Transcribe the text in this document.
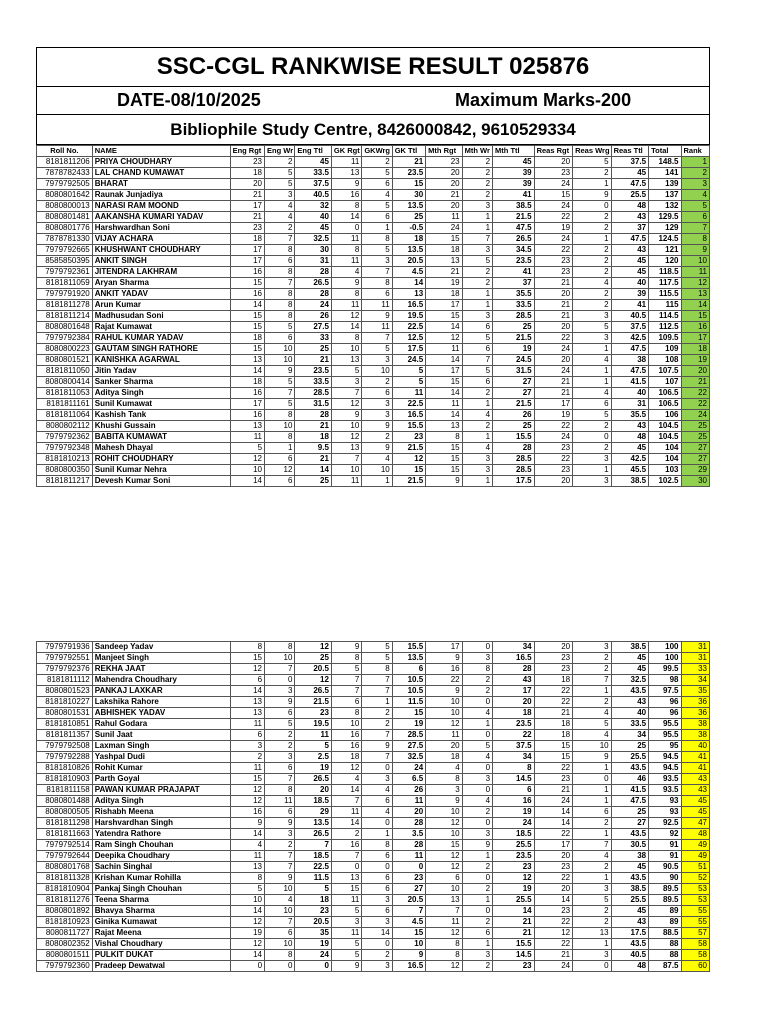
SSC-CGL RANKWISE RESULT 025876
DATE-08/10/2025	Maximum Marks-200
Bibliophile Study Centre, 8426000842, 9610529334
Roll No.	NAME	Eng Rgt	Eng Wr	Eng Ttl	GK Rgt	GKWrg	GK Ttl	Mth Rgt	Mth Wr	Mth Ttl	Reas Rgt	Reas Wrg	Reas Ttl	Total	Rank
8181811206	PRIYA CHOUDHARY	23	2	45	11	2	21	23	2	45	20	5	37.5	148.5	1
7878782433	LAL CHAND KUMAWAT	18	5	33.5	13	5	23.5	20	2	39	23	2	45	141	2
7979792505	BHARAT	20	5	37.5	9	6	15	20	2	39	24	1	47.5	139	3
8080801642	Raunak Junjadiya	21	3	40.5	16	4	30	21	2	41	15	9	25.5	137	4
8080800013	NARASI RAM MOOND	17	4	32	8	5	13.5	20	3	38.5	24	0	48	132	5
8080801481	AAKANSHA KUMARI YADAV	21	4	40	14	6	25	11	1	21.5	22	2	43	129.5	6
8080801776	Harshwardhan Soni	23	2	45	0	1	-0.5	24	1	47.5	19	2	37	129	7
7878781330	VIJAY ACHARA	18	7	32.5	11	8	18	15	7	26.5	24	1	47.5	124.5	8
7979792665	KHUSHWANT CHOUDHARY	17	8	30	8	5	13.5	18	3	34.5	22	2	43	121	9
8585850395	ANKIT SINGH	17	6	31	11	3	20.5	13	5	23.5	23	2	45	120	10
7979792361	JITENDRA LAKHRAM	16	8	28	4	7	4.5	21	2	41	23	2	45	118.5	11
8181811059	Aryan Sharma	15	7	26.5	9	8	14	19	2	37	21	4	40	117.5	12
7979791920	ANKIT YADAV	16	8	28	8	6	13	18	1	35.5	20	2	39	115.5	13
8181811278	Arun Kumar	14	8	24	11	11	16.5	17	1	33.5	21	2	41	115	14
8181811214	Madhusudan Soni	15	8	26	12	9	19.5	15	3	28.5	21	3	40.5	114.5	15
8080801648	Rajat Kumawat	15	5	27.5	14	11	22.5	14	6	25	20	5	37.5	112.5	16
7979792384	RAHUL KUMAR YADAV	18	6	33	8	7	12.5	12	5	21.5	22	3	42.5	109.5	17
8080800223	GAUTAM SINGH RATHORE	15	10	25	10	5	17.5	11	6	19	24	1	47.5	109	18
8080801521	KANISHKA AGARWAL	13	10	21	13	3	24.5	14	7	24.5	20	4	38	108	19
8181811050	Jitin Yadav	14	9	23.5	5	10	5	17	5	31.5	24	1	47.5	107.5	20
8080800414	Sanker Sharma	18	5	33.5	3	2	5	15	6	27	21	1	41.5	107	21
8181811053	Aditya Singh	16	7	28.5	7	6	11	14	2	27	21	4	40	106.5	22
8181811161	Sunil Kumawat	17	5	31.5	12	3	22.5	11	1	21.5	17	6	31	106.5	22
8181811064	Kashish Tank	16	8	28	9	3	16.5	14	4	26	19	5	35.5	106	24
8080802112	Khushi Gussain	13	10	21	10	9	15.5	13	2	25	22	2	43	104.5	25
7979792362	BABITA KUMAWAT	11	8	18	12	2	23	8	1	15.5	24	0	48	104.5	25
7979792348	Mahesh Dhayal	5	1	9.5	13	9	21.5	15	4	28	23	2	45	104	27
8181810213	ROHIT CHOUDHARY	12	6	21	7	4	12	15	3	28.5	22	3	42.5	104	27
8080800350	Sunil Kumar Nehra	10	12	14	10	10	15	15	3	28.5	23	1	45.5	103	29
8181811217	Devesh Kumar Soni	14	6	25	11	1	21.5	9	1	17.5	20	3	38.5	102.5	30
7979791936	Sandeep Yadav	8	8	12	9	5	15.5	17	0	34	20	3	38.5	100	31
7979792551	Manjeet Singh	15	10	25	8	5	13.5	9	3	16.5	23	2	45	100	31
7979792376	REKHA JAAT	12	7	20.5	5	8	6	16	8	28	23	2	45	99.5	33
8181811112	Mahendra Choudhary	6	0	12	7	7	10.5	22	2	43	18	7	32.5	98	34
8080801523	PANKAJ LAXKAR	14	3	26.5	7	7	10.5	9	2	17	22	1	43.5	97.5	35
8181810227	Lakshika Rahore	13	9	21.5	6	1	11.5	10	0	20	22	2	43	96	36
8080801531	ABHISHEK YADAV	13	6	23	8	2	15	10	4	18	21	4	40	96	36
8181810851	Rahul Godara	11	5	19.5	10	2	19	12	1	23.5	18	5	33.5	95.5	38
8181811357	Sunil Jaat	6	2	11	16	7	28.5	11	0	22	18	4	34	95.5	38
7979792508	Laxman Singh	3	2	5	16	9	27.5	20	5	37.5	15	10	25	95	40
7979792288	Yashpal Dudi	2	3	2.5	18	7	32.5	18	4	34	15	9	25.5	94.5	41
8181810826	Rohit Kumar	11	6	19	12	0	24	4	0	8	22	1	43.5	94.5	41
8181810903	Parth Goyal	15	7	26.5	4	3	6.5	8	3	14.5	23	0	46	93.5	43
8181811158	PAWAN KUMAR PRAJAPAT	12	8	20	14	4	26	3	0	6	21	1	41.5	93.5	43
8080801488	Aditya Singh	12	11	18.5	7	6	11	9	4	16	24	1	47.5	93	45
8080800505	Rishabh Meena	16	6	29	11	4	20	10	2	19	14	6	25	93	45
8181811298	Harshvardhan Singh	9	9	13.5	14	0	28	12	0	24	14	2	27	92.5	47
8181811663	Yatendra Rathore	14	3	26.5	2	1	3.5	10	3	18.5	22	1	43.5	92	48
7979792514	Ram Singh Chouhan	4	2	7	16	8	28	15	9	25.5	17	7	30.5	91	49
7979792644	Deepika Choudhary	11	7	18.5	7	6	11	12	1	23.5	20	4	38	91	49
8080801768	Sachin Singhal	13	7	22.5	0	0	0	12	2	23	23	2	45	90.5	51
8181811328	Krishan Kumar Rohilla	8	9	11.5	13	6	23	6	0	12	22	1	43.5	90	52
8181810904	Pankaj Singh Chouhan	5	10	5	15	6	27	10	2	19	20	3	38.5	89.5	53
8181811276	Teena Sharma	10	4	18	11	3	20.5	13	1	25.5	14	5	25.5	89.5	53
8080801892	Bhavya Sharma	14	10	23	5	6	7	7	0	14	23	2	45	89	55
8181810923	Ginika Kumawat	12	7	20.5	3	3	4.5	11	2	21	22	2	43	89	55
8080811727	Rajat Meena	19	6	35	11	14	15	12	6	21	12	13	17.5	88.5	57
8080802352	Vishal Choudhary	12	10	19	5	0	10	8	1	15.5	22	1	43.5	88	58
8080801511	PULKIT DUKAT	14	8	24	5	2	9	8	3	14.5	21	3	40.5	88	58
7979792360	Pradeep Dewatwal	0	0	0	9	3	16.5	12	2	23	24	0	48	87.5	60
